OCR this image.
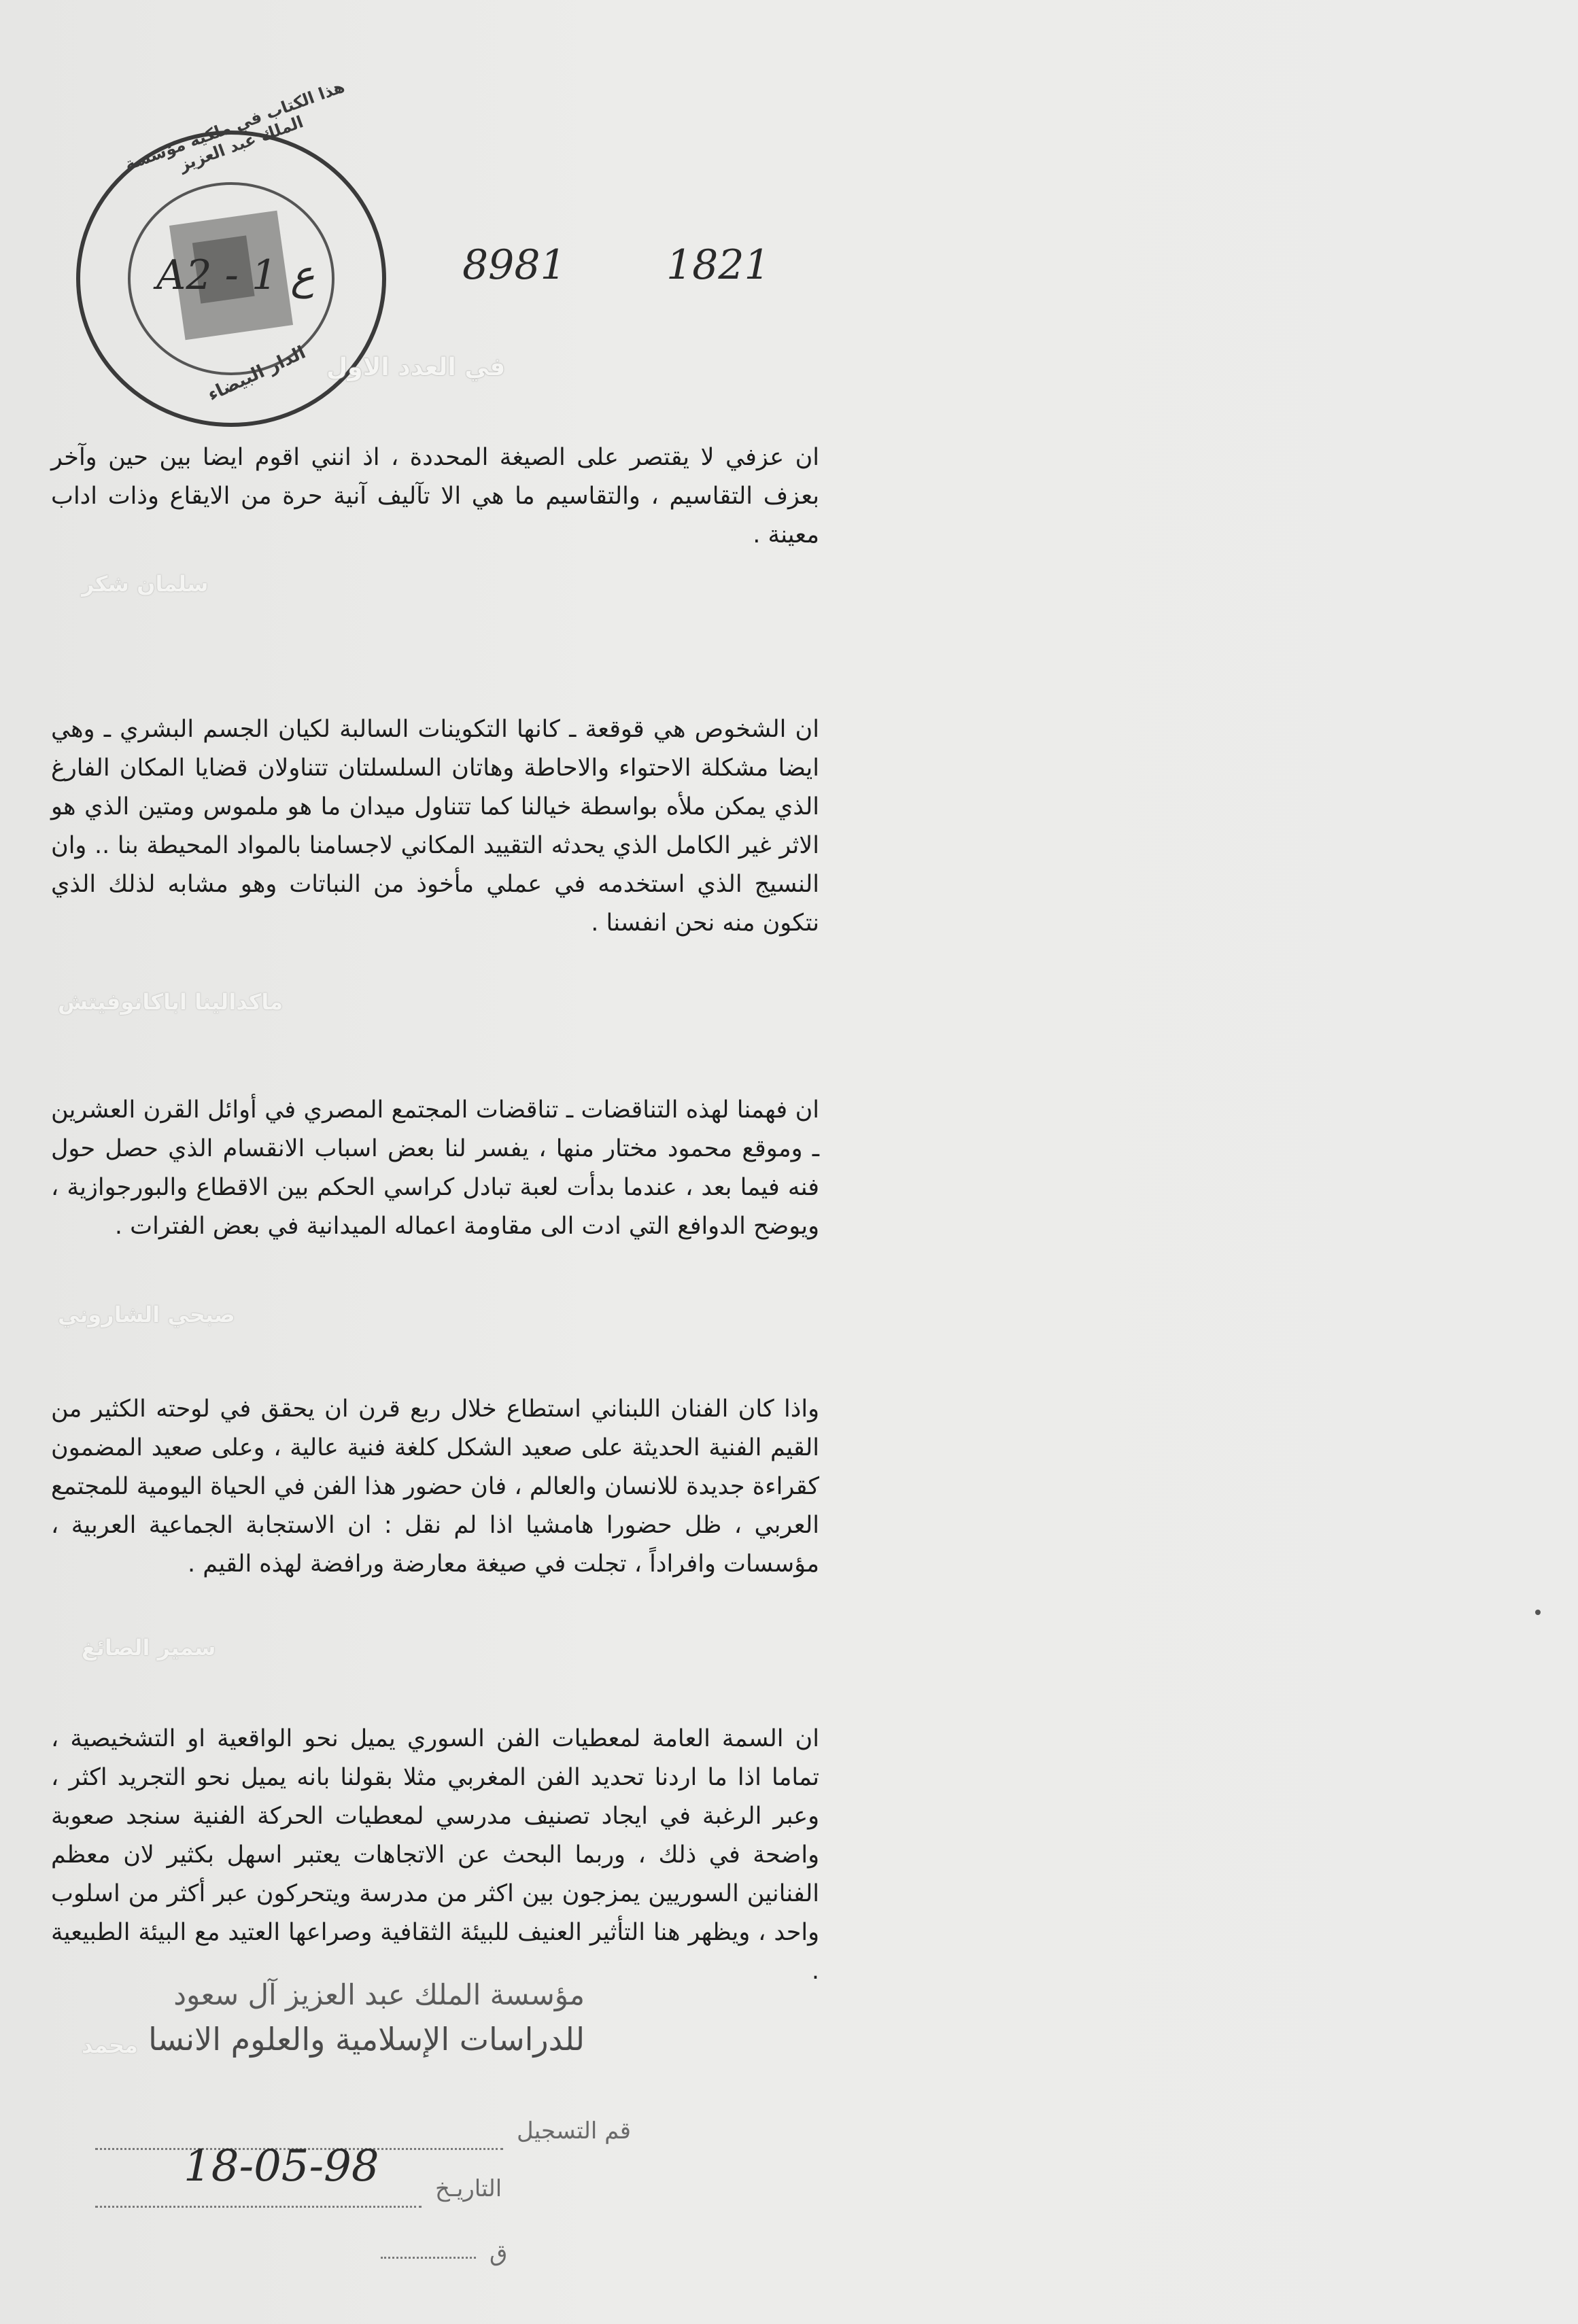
هذا الكتاب في ملكية مؤسسة الملك عبد العزيز
الدار البيضاء
1821
8981
A2 - 1 ع
في العدد الاول

ان عزفي لا يقتصر على الصيغة المحددة ، اذ انني اقوم ايضا بين حين وآخر بعزف التقاسيم ، والتقاسيم ما هي الا تآليف آنية حرة من الايقاع وذات اداب معينة .

سلمان شكر

ان الشخوص هي قوقعة ـ كانها التكوينات السالبة لكيان الجسم البشري ـ وهي ايضا مشكلة الاحتواء والاحاطة وهاتان السلسلتان تتناولان قضايا المكان الفارغ الذي يمكن ملأه بواسطة خيالنا كما تتناول ميدان ما هو ملموس ومتين الذي هو الاثر غير الكامل الذي يحدثه التقييد المكاني لاجسامنا بالمواد المحيطة بنا .. وان النسيج الذي استخدمه في عملي مأخوذ من النباتات وهو مشابه لذلك الذي نتكون منه نحن انفسنا .

ماكدالينا اباكانوفيتش

ان فهمنا لهذه التناقضات ـ تناقضات المجتمع المصري في أوائل القرن العشرين ـ وموقع محمود مختار منها ، يفسر لنا بعض اسباب الانقسام الذي حصل حول فنه فيما بعد ، عندما بدأت لعبة تبادل كراسي الحكم بين الاقطاع والبورجوازية ، ويوضح الدوافع التي ادت الى مقاومة اعماله الميدانية في بعض الفترات .

صبحي الشاروني

واذا كان الفنان اللبناني استطاع خلال ربع قرن ان يحقق في لوحته الكثير من القيم الفنية الحديثة على صعيد الشكل كلغة فنية عالية ، وعلى صعيد المضمون كقراءة جديدة للانسان والعالم ، فان حضور هذا الفن في الحياة اليومية للمجتمع العربي ، ظل حضورا هامشيا اذا لم نقل : ان الاستجابة الجماعية العربية ، مؤسسات وافراداً ، تجلت في صيغة معارضة ورافضة لهذه القيم .

سمير الصائغ

ان السمة العامة لمعطيات الفن السوري يميل نحو الواقعية او التشخيصية ، تماما اذا ما اردنا تحديد الفن المغربي مثلا بقولنا بانه يميل نحو التجريد اكثر ، وعبر الرغبة في ايجاد تصنيف مدرسي لمعطيات الحركة الفنية سنجد صعوبة واضحة في ذلك ، وربما البحث عن الاتجاهات يعتبر اسهل بكثير لان معظم الفنانين السوريين يمزجون بين اكثر من مدرسة ويتحركون عبر أكثر من اسلوب واحد ، ويظهر هنا التأثير العنيف للبيئة الثقافية وصراعها العتيد مع البيئة الطبيعية .

محمد
مؤسسة الملك عبد العزيز آل سعود
للدراسات الإسلامية والعلوم الانسا
قم التسجيل
18-05-98 التاريـخ
ق
